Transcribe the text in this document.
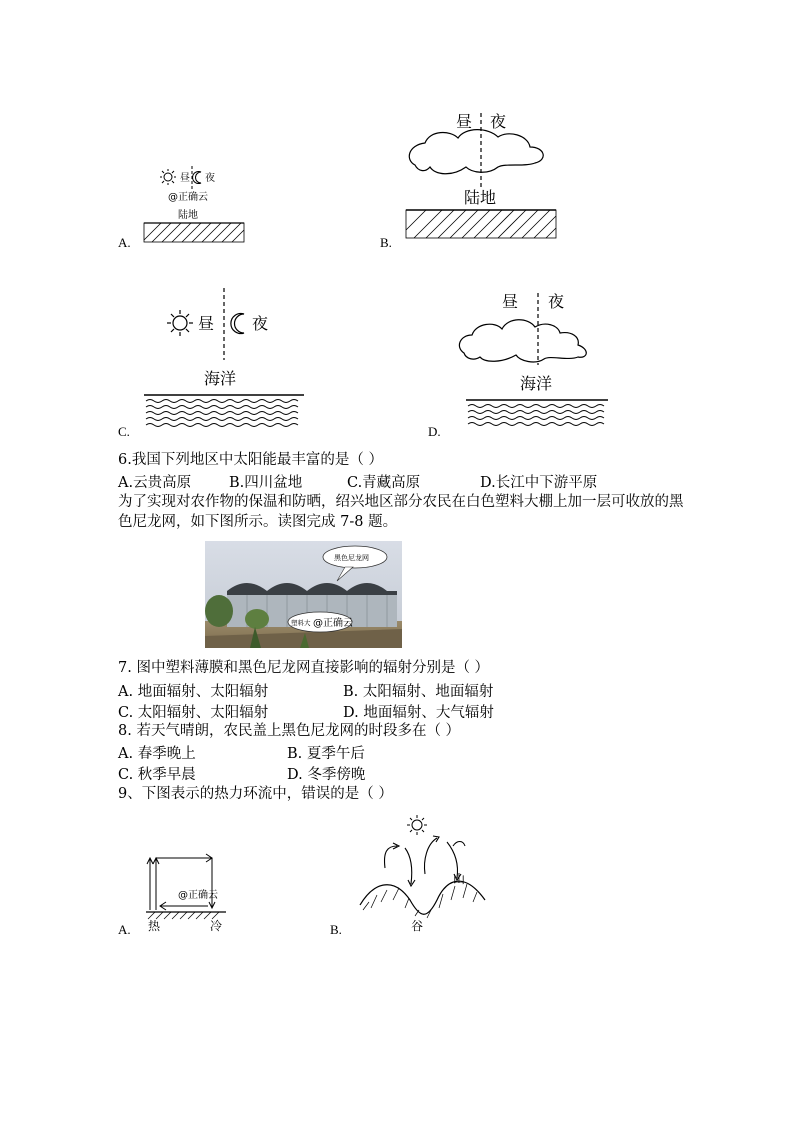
昼 夜
@正确云
陆地
A.
昼 夜
陆地
B.
昼 夜
海洋
C.
昼 夜
海洋
D.
6.我国下列地区中太阳能最丰富的是（ ）
A.云贵高原	B.四川盆地	C.青藏高原	D.长江中下游平原
为了实现对农作物的保温和防晒，绍兴地区部分农民在白色塑料大棚上加一层可收放的黑色尼龙网，如下图所示。读图完成 7-8 题。
黑色尼龙网
塑料大 @正确云
7. 图中塑料薄膜和黑色尼龙网直接影响的辐射分别是（ ）
A. 地面辐射、太阳辐射	B. 太阳辐射、地面辐射
C. 太阳辐射、太阳辐射	D. 地面辐射、大气辐射
8. 若天气晴朗，农民盖上黑色尼龙网的时段多在（ ）
A. 春季晚上	B. 夏季午后
C. 秋季早晨	D. 冬季傍晚
9、下图表示的热力环流中，错误的是（ ）
@正确云
热	冷
A.	谷
山
B.
